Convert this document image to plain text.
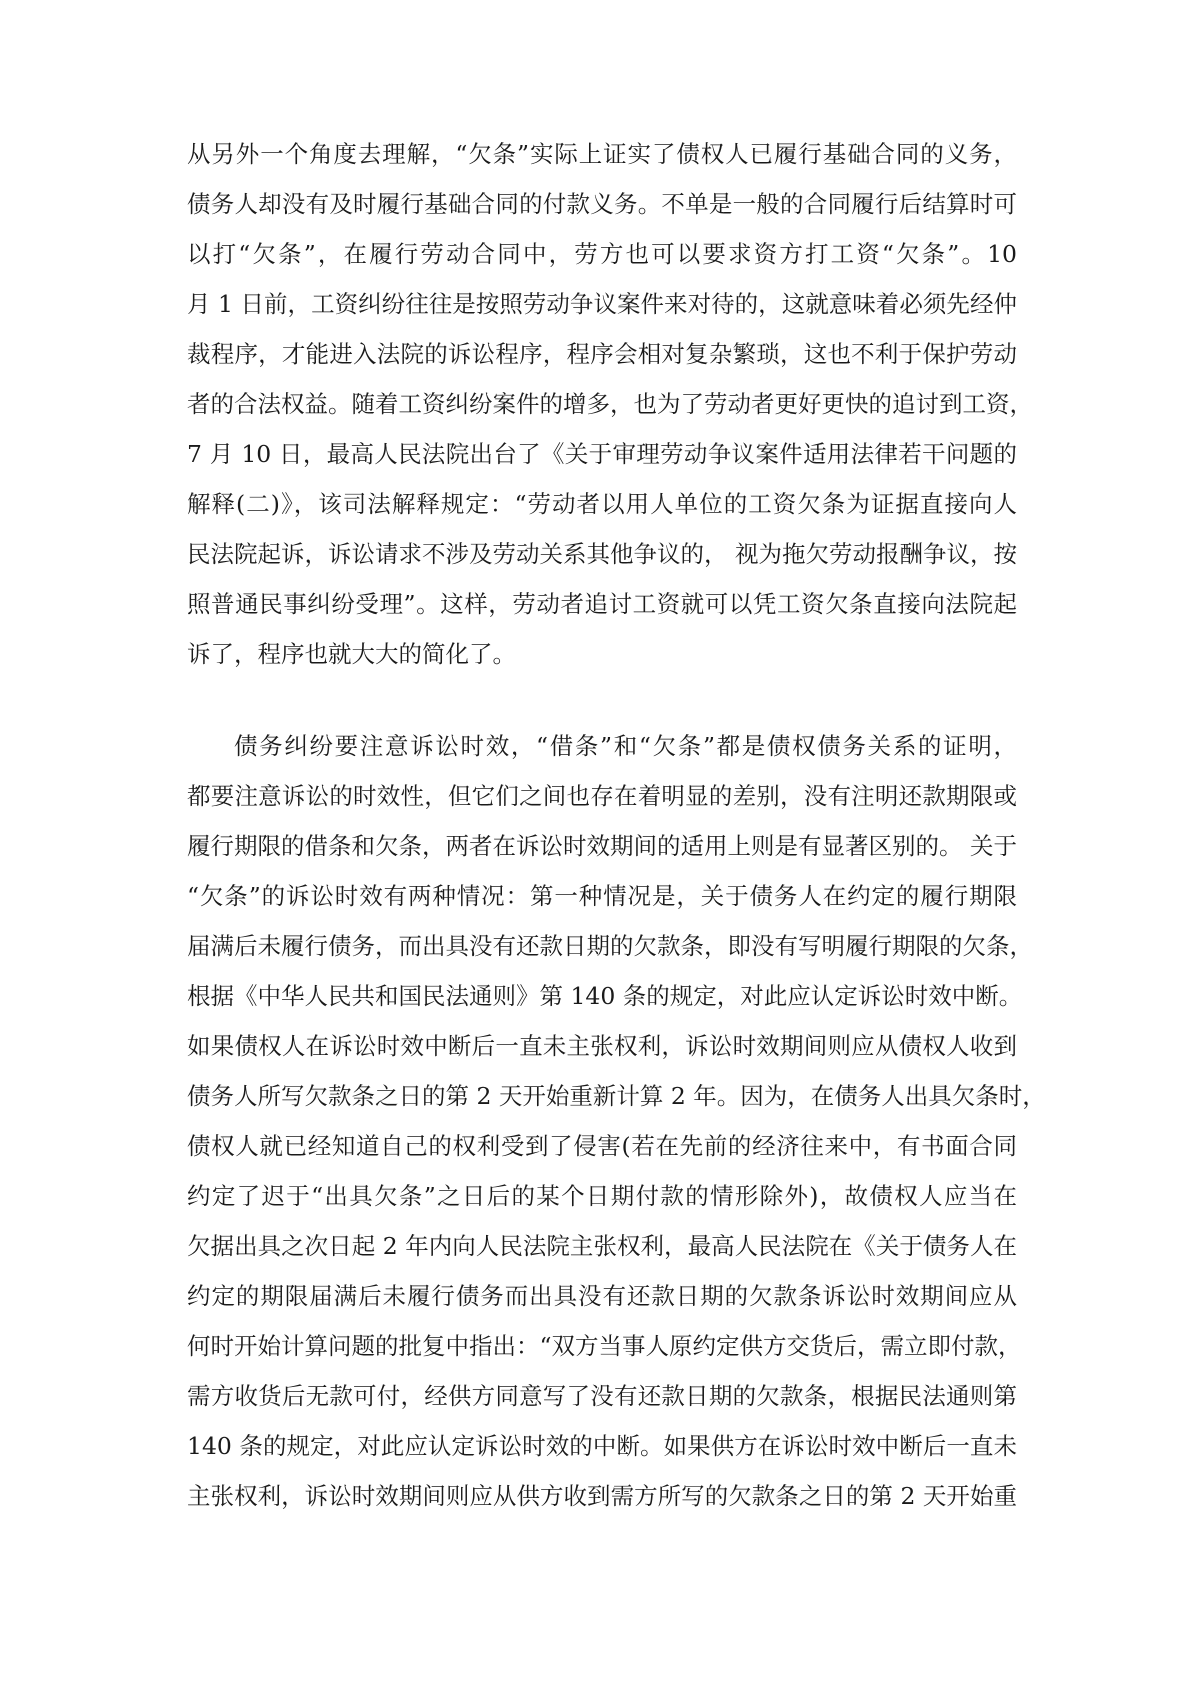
从另外一个角度去理解，“欠条”实际上证实了债权人已履行基础合同的义务，
债务人却没有及时履行基础合同的付款义务。不单是一般的合同履行后结算时可
以打“欠条”，在履行劳动合同中，劳方也可以要求资方打工资“欠条”。10
月 1 日前，工资纠纷往往是按照劳动争议案件来对待的，这就意味着必须先经仲
裁程序，才能进入法院的诉讼程序，程序会相对复杂繁琐，这也不利于保护劳动
者的合法权益。随着工资纠纷案件的增多，也为了劳动者更好更快的追讨到工资，
7 月 10 日，最高人民法院出台了《关于审理劳动争议案件适用法律若干问题的
解释(二)》，该司法解释规定：“劳动者以用人单位的工资欠条为证据直接向人
民法院起诉，诉讼请求不涉及劳动关系其他争议的， 视为拖欠劳动报酬争议，按
照普通民事纠纷受理”。这样，劳动者追讨工资就可以凭工资欠条直接向法院起
诉了，程序也就大大的简化了。
债务纠纷要注意诉讼时效，“借条”和“欠条”都是债权债务关系的证明，
都要注意诉讼的时效性，但它们之间也存在着明显的差别，没有注明还款期限或
履行期限的借条和欠条，两者在诉讼时效期间的适用上则是有显著区别的。 关于
“欠条”的诉讼时效有两种情况：第一种情况是，关于债务人在约定的履行期限
届满后未履行债务，而出具没有还款日期的欠款条，即没有写明履行期限的欠条，
根据《中华人民共和国民法通则》第 140 条的规定，对此应认定诉讼时效中断。
如果债权人在诉讼时效中断后一直未主张权利，诉讼时效期间则应从债权人收到
债务人所写欠款条之日的第 2 天开始重新计算 2 年。因为，在债务人出具欠条时，
债权人就已经知道自己的权利受到了侵害(若在先前的经济往来中，有书面合同
约定了迟于“出具欠条”之日后的某个日期付款的情形除外)，故债权人应当在
欠据出具之次日起 2 年内向人民法院主张权利，最高人民法院在《关于债务人在
约定的期限届满后未履行债务而出具没有还款日期的欠款条诉讼时效期间应从
何时开始计算问题的批复中指出：“双方当事人原约定供方交货后，需立即付款，
需方收货后无款可付，经供方同意写了没有还款日期的欠款条，根据民法通则第
140 条的规定，对此应认定诉讼时效的中断。如果供方在诉讼时效中断后一直未
主张权利，诉讼时效期间则应从供方收到需方所写的欠款条之日的第 2 天开始重
